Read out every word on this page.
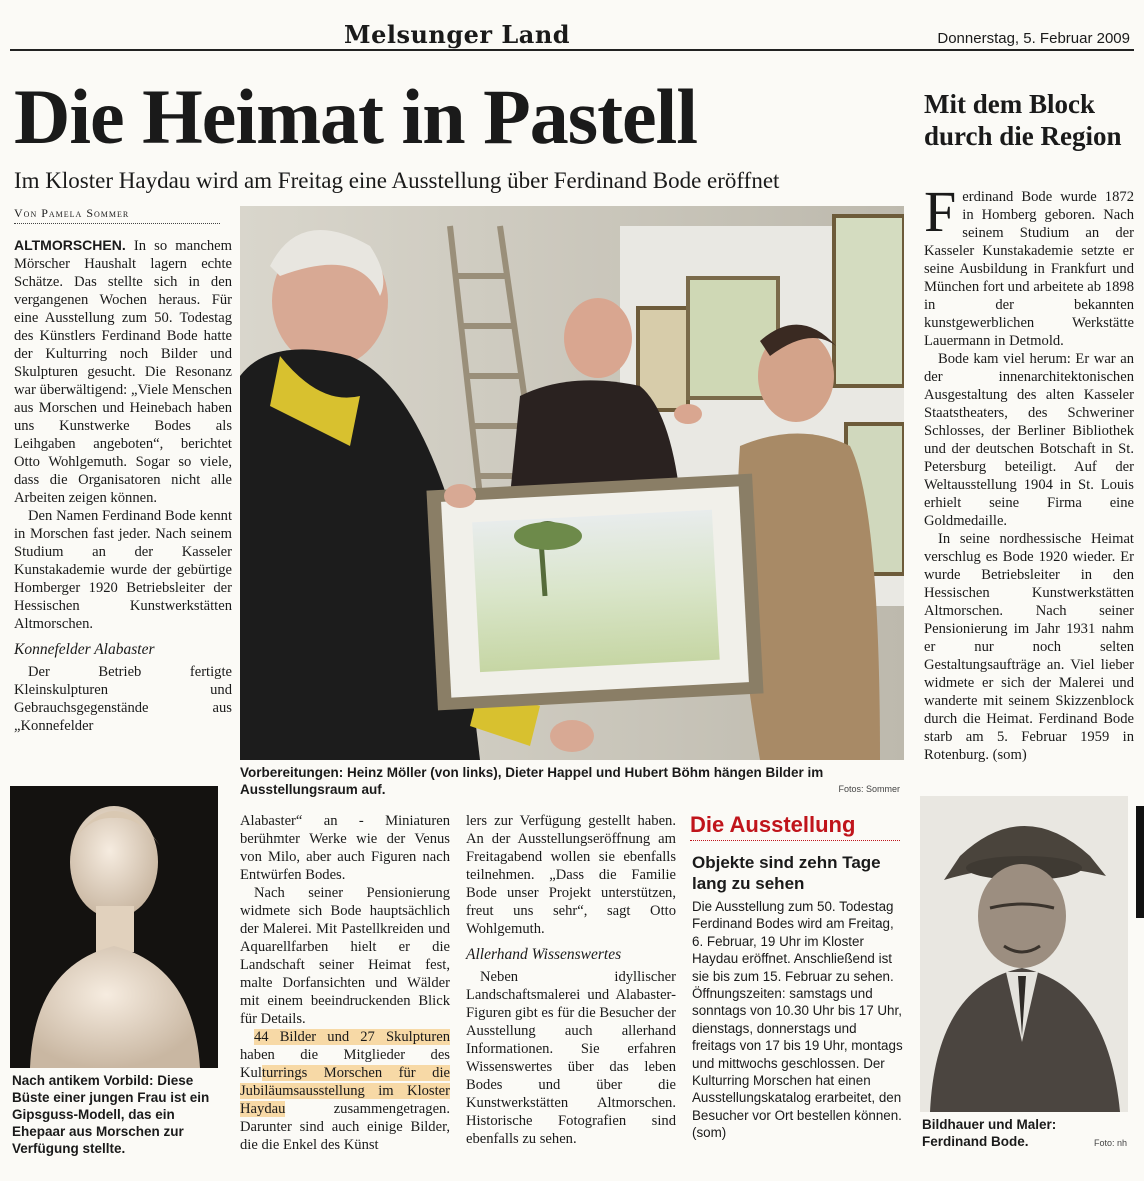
Melsunger Land	Donnerstag, 5. Februar 2009
Die Heimat in Pastell
Im Kloster Haydau wird am Freitag eine Ausstellung über Ferdinand Bode eröffnet
Von Pamela Sommer

ALTMORSCHEN. In so manchem Mörscher Haushalt lagern echte Schätze. Das stellte sich in den vergangenen Wochen heraus. Für eine Ausstellung zum 50. Todestag des Künstlers Ferdinand Bode hatte der Kulturring noch Bilder und Skulpturen gesucht. Die Resonanz war überwältigend: „Viele Menschen aus Morschen und Heinebach haben uns Kunstwerke Bodes als Leihgaben angeboten“, berichtet Otto Wohlgemuth. Sogar so viele, dass die Organisatoren nicht alle Arbeiten zeigen können.

Den Namen Ferdinand Bode kennt in Morschen fast jeder. Nach seinem Studium an der Kasseler Kunstakademie wurde der gebürtige Homberger 1920 Betriebsleiter der Hessischen Kunstwerkstätten Altmorschen.

Konnefelder Alabaster

Der Betrieb fertigte Kleinskulpturen und Gebrauchsgegenstände aus „Konnefelder

Vorbereitungen: Heinz Möller (von links), Dieter Happel und Hubert Böhm hängen Bilder im Ausstellungsraum auf.	Fotos: Sommer
Nach antikem Vorbild: Diese Büste einer jungen Frau ist ein Gipsguss-Modell, das ein Ehepaar aus Morschen zur Verfügung stellte.

Alabaster“ an - Miniaturen berühmter Werke wie der Venus von Milo, aber auch Figuren nach Entwürfen Bodes.

Nach seiner Pensionierung widmete sich Bode hauptsächlich der Malerei. Mit Pastellkreiden und Aquarellfarben hielt er die Landschaft seiner Heimat fest, malte Dorfansichten und Wälder mit einem beeindruckenden Blick für Details.

44 Bilder und 27 Skulpturen haben die Mitglieder des Kulturrings Morschen für die Jubiläumsausstellung im Kloster Haydau zusammengetragen. Darunter sind auch einige Bilder, die die Enkel des Künst

lers zur Verfügung gestellt haben. An der Ausstellungseröffnung am Freitagabend wollen sie ebenfalls teilnehmen. „Dass die Familie Bode unser Projekt unterstützen, freut uns sehr“, sagt Otto Wohlgemuth.

Allerhand Wissenswertes

Neben idyllischer Landschaftsmalerei und Alabaster-Figuren gibt es für die Besucher der Ausstellung auch allerhand Informationen. Sie erfahren Wissenswertes über das leben Bodes und über die Kunstwerkstätten Altmorschen. Historische Fotografien sind ebenfalls zu sehen.

Mit dem Block durch die Region

Ferdinand Bode wurde 1872 in Homberg geboren. Nach seinem Studium an der Kasseler Kunstakademie setzte er seine Ausbildung in Frankfurt und München fort und arbeitete ab 1898 in der bekannten kunstgewerblichen Werkstätte Lauermann in Detmold.

Bode kam viel herum: Er war an der innenarchitektonischen Ausgestaltung des alten Kasseler Staatstheaters, des Schweriner Schlosses, der Berliner Bibliothek und der deutschen Botschaft in St. Petersburg beteiligt. Auf der Weltausstellung 1904 in St. Louis erhielt seine Firma eine Goldmedaille.

In seine nordhessische Heimat verschlug es Bode 1920 wieder. Er wurde Betriebsleiter in den Hessischen Kunstwerkstätten Altmorschen. Nach seiner Pensionierung im Jahr 1931 nahm er nur noch selten Gestaltungsaufträge an. Viel lieber widmete er sich der Malerei und wanderte mit seinem Skizzenblock durch die Heimat. Ferdinand Bode starb am 5. Februar 1959 in Rotenburg. (som)

Die Ausstellung
Objekte sind zehn Tage lang zu sehen
Die Ausstellung zum 50. Todestag Ferdinand Bodes wird am Freitag, 6. Februar, 19 Uhr im Kloster Haydau eröffnet. Anschließend ist sie bis zum 15. Februar zu sehen. Öffnungszeiten: samstags und sonntags von 10.30 Uhr bis 17 Uhr, dienstags, donnerstags und freitags von 17 bis 19 Uhr, montags und mittwochs geschlossen. Der Kulturring Morschen hat einen Ausstellungskatalog erarbeitet, den Besucher vor Ort bestellen können. (som)
Bildhauer und Maler: Ferdinand Bode.	Foto: nh
